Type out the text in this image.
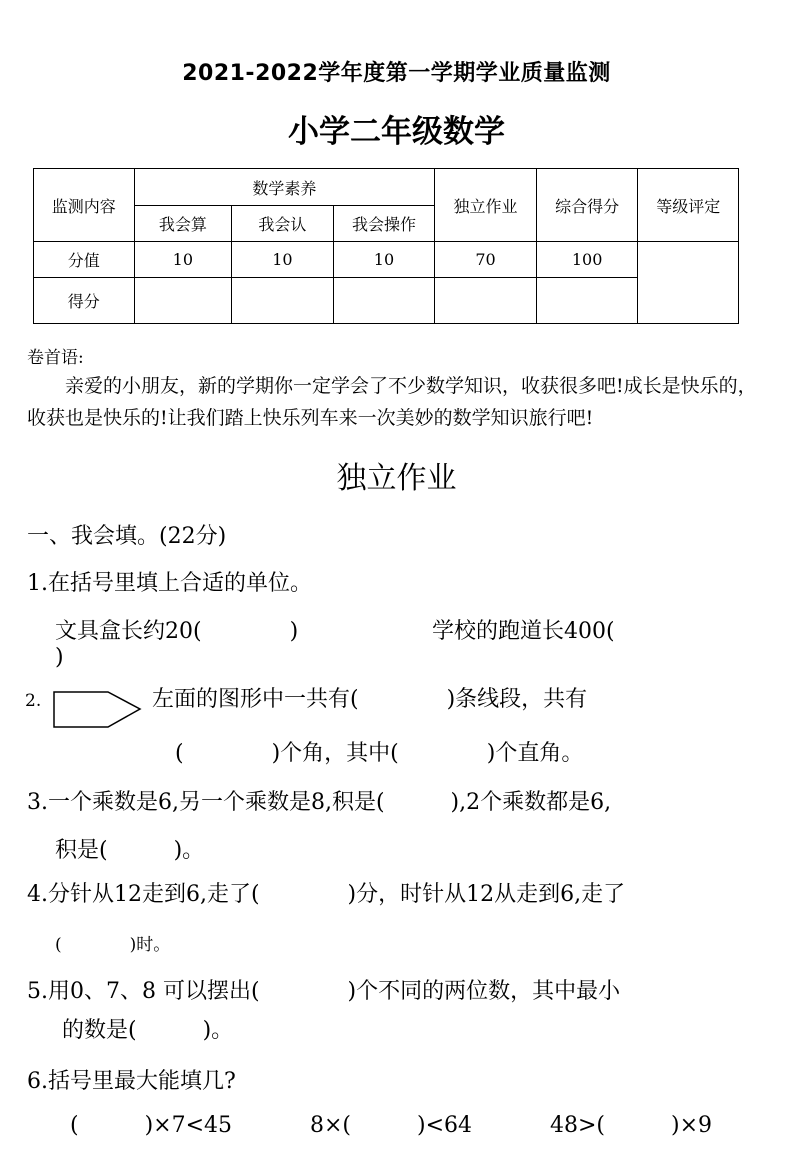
2021-2022学年度第一学期学业质量监测
小学二年级数学
监测内容	数学素养			独立作业	综合得分	等级评定
	我会算	我会认	我会操作			
分值	10	10	10	70	100	
得分						
卷首语:
亲爱的小朋友，新的学期你一定学会了不少数学知识，收获很多吧!成长是快乐的，收获也是快乐的!让我们踏上快乐列车来一次美妙的数学知识旅行吧!
独立作业
一、我会填。(22分)
1.在括号里填上合适的单位。
文具盒长约20(　　　　)	学校的跑道长400(
)
2.	左面的图形中一共有(　　　　)条线段，共有
(　　　　)个角，其中(　　　　)个直角。
3.一个乘数是6,另一个乘数是8,积是(　　　),2个乘数都是6,
积是(　　　)。
4.分针从12走到6,走了(　　　　)分，时针从12从走到6,走了
(　　　　)时。
5.用0、7、8 可以摆出(　　　　)个不同的两位数，其中最小
的数是(　　　)。
6.括号里最大能填几?
(　　　)×7<45	8×(　　　)<64	48>(　　　)×9
